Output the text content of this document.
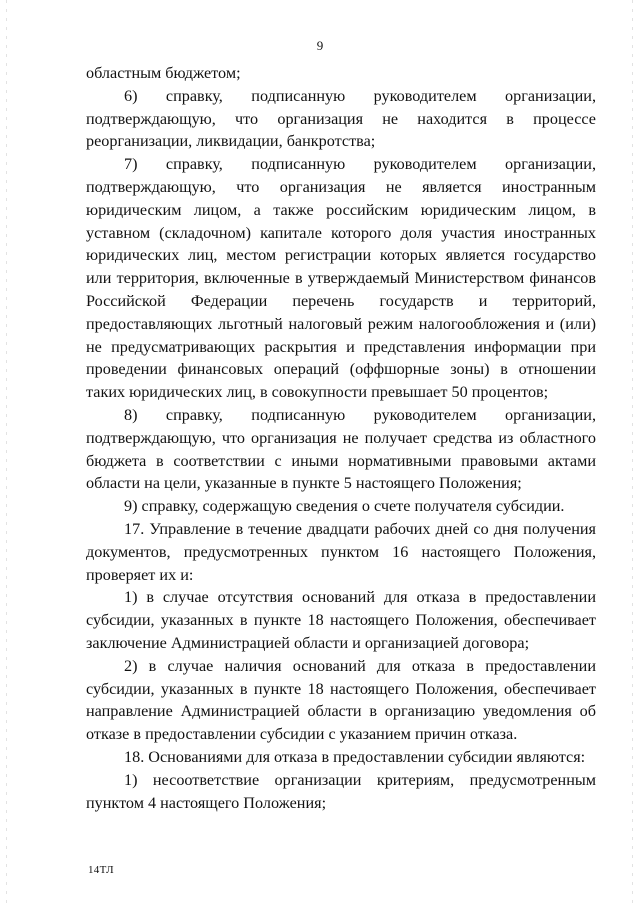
9

областным бюджетом;

6) справку, подписанную руководителем организации, подтверждающую, что организация не находится в процессе реорганизации, ликвидации, банкротства;

7) справку, подписанную руководителем организации, подтверждающую, что организация не является иностранным юридическим лицом, а также российским юридическим лицом, в уставном (складочном) капитале которого доля участия иностранных юридических лиц, местом регистрации которых является государство или территория, включенные в утверждаемый Министерством финансов Российской Федерации перечень государств и территорий, предоставляющих льготный налоговый режим налогообложения и (или) не предусматривающих раскрытия и представления информации при проведении финансовых операций (оффшорные зоны) в отношении таких юридических лиц, в совокупности превышает 50 процентов;

8) справку, подписанную руководителем организации, подтверждающую, что организация не получает средства из областного бюджета в соответствии с иными нормативными правовыми актами области на цели, указанные в пункте 5 настоящего Положения;

9) справку, содержащую сведения о счете получателя субсидии.

17. Управление в течение двадцати рабочих дней со дня получения документов, предусмотренных пунктом 16 настоящего Положения, проверяет их и:

1) в случае отсутствия оснований для отказа в предоставлении субсидии, указанных в пункте 18 настоящего Положения, обеспечивает заключение Администрацией области и организацией договора;

2) в случае наличия оснований для отказа в предоставлении субсидии, указанных в пункте 18 настоящего Положения, обеспечивает направление Администрацией области в организацию уведомления об отказе в предоставлении субсидии с указанием причин отказа.

18. Основаниями для отказа в предоставлении субсидии являются:

1) несоответствие организации критериям, предусмотренным пунктом 4 настоящего Положения;

14ТЛ
